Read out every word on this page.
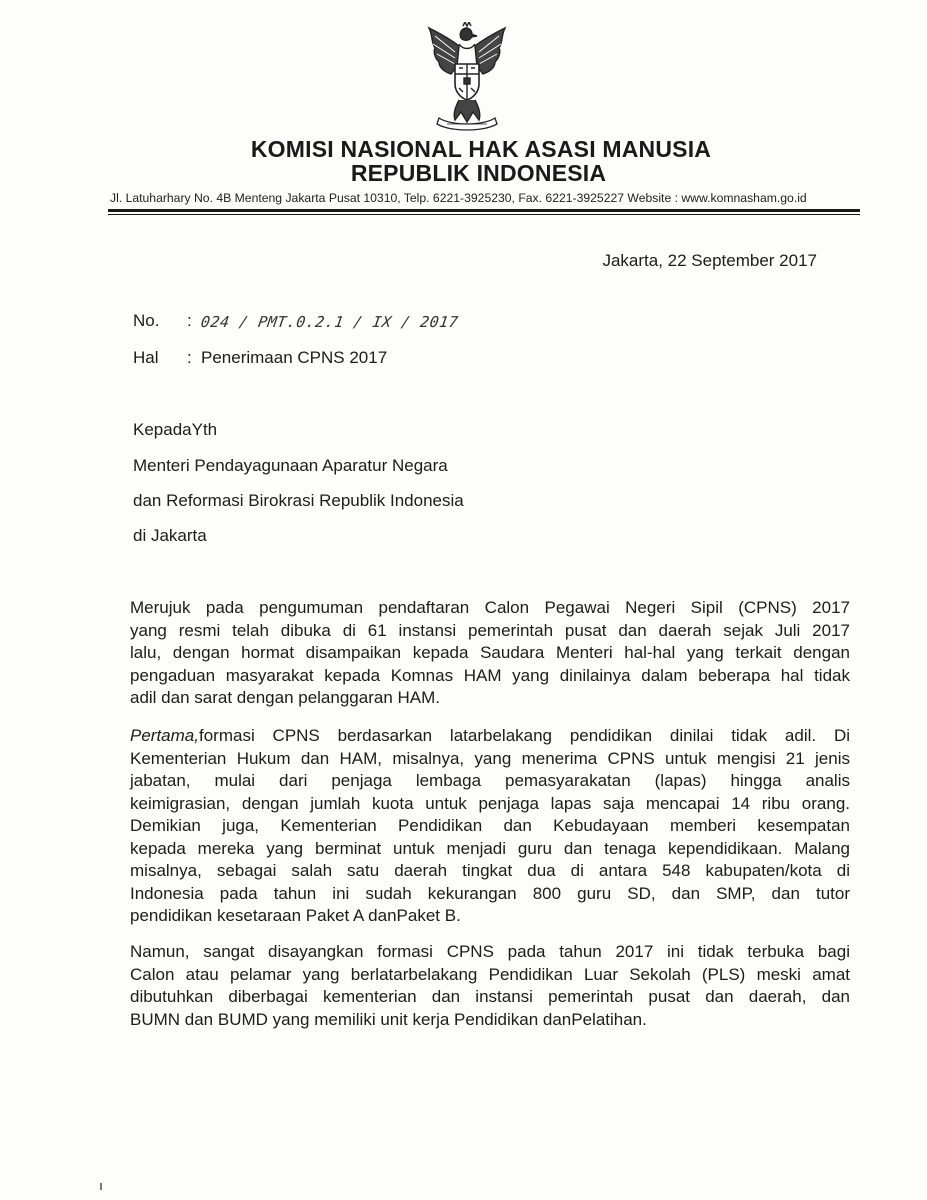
KOMISI NASIONAL HAK ASASI MANUSIA
REPUBLIK INDONESIA
Jl. Latuharhary No. 4B Menteng Jakarta Pusat 10310, Telp. 6221-3925230, Fax. 6221-3925227 Website : www.komnasham.go.id
Jakarta, 22 September 2017
No.	: 024 / PMT.0.2.1 / IX / 2017
Hal	: Penerimaan CPNS 2017
KepadaYth
Menteri Pendayagunaan Aparatur Negara
dan Reformasi Birokrasi Republik Indonesia
di Jakarta

Merujuk pada pengumuman pendaftaran Calon Pegawai Negeri Sipil (CPNS) 2017
yang resmi telah dibuka di 61 instansi pemerintah pusat dan daerah sejak Juli 2017
lalu, dengan hormat disampaikan kepada Saudara Menteri hal-hal yang terkait dengan
pengaduan masyarakat kepada Komnas HAM yang dinilainya dalam beberapa hal tidak
adil dan sarat dengan pelanggaran HAM.

Pertama,formasi CPNS berdasarkan latarbelakang pendidikan dinilai tidak adil. Di
Kementerian Hukum dan HAM, misalnya, yang menerima CPNS untuk mengisi 21 jenis
jabatan, mulai dari penjaga lembaga pemasyarakatan (lapas) hingga analis
keimigrasian, dengan jumlah kuota untuk penjaga lapas saja mencapai 14 ribu orang.
Demikian juga, Kementerian Pendidikan dan Kebudayaan memberi kesempatan
kepada mereka yang berminat untuk menjadi guru dan tenaga kependidikaan. Malang
misalnya, sebagai salah satu daerah tingkat dua di antara 548 kabupaten/kota di
Indonesia pada tahun ini sudah kekurangan 800 guru SD, dan SMP, dan tutor
pendidikan kesetaraan Paket A danPaket B.

Namun, sangat disayangkan formasi CPNS pada tahun 2017 ini tidak terbuka bagi
Calon atau pelamar yang berlatarbelakang Pendidikan Luar Sekolah (PLS) meski amat
dibutuhkan diberbagai kementerian dan instansi pemerintah pusat dan daerah, dan
BUMN dan BUMD yang memiliki unit kerja Pendidikan danPelatihan.
